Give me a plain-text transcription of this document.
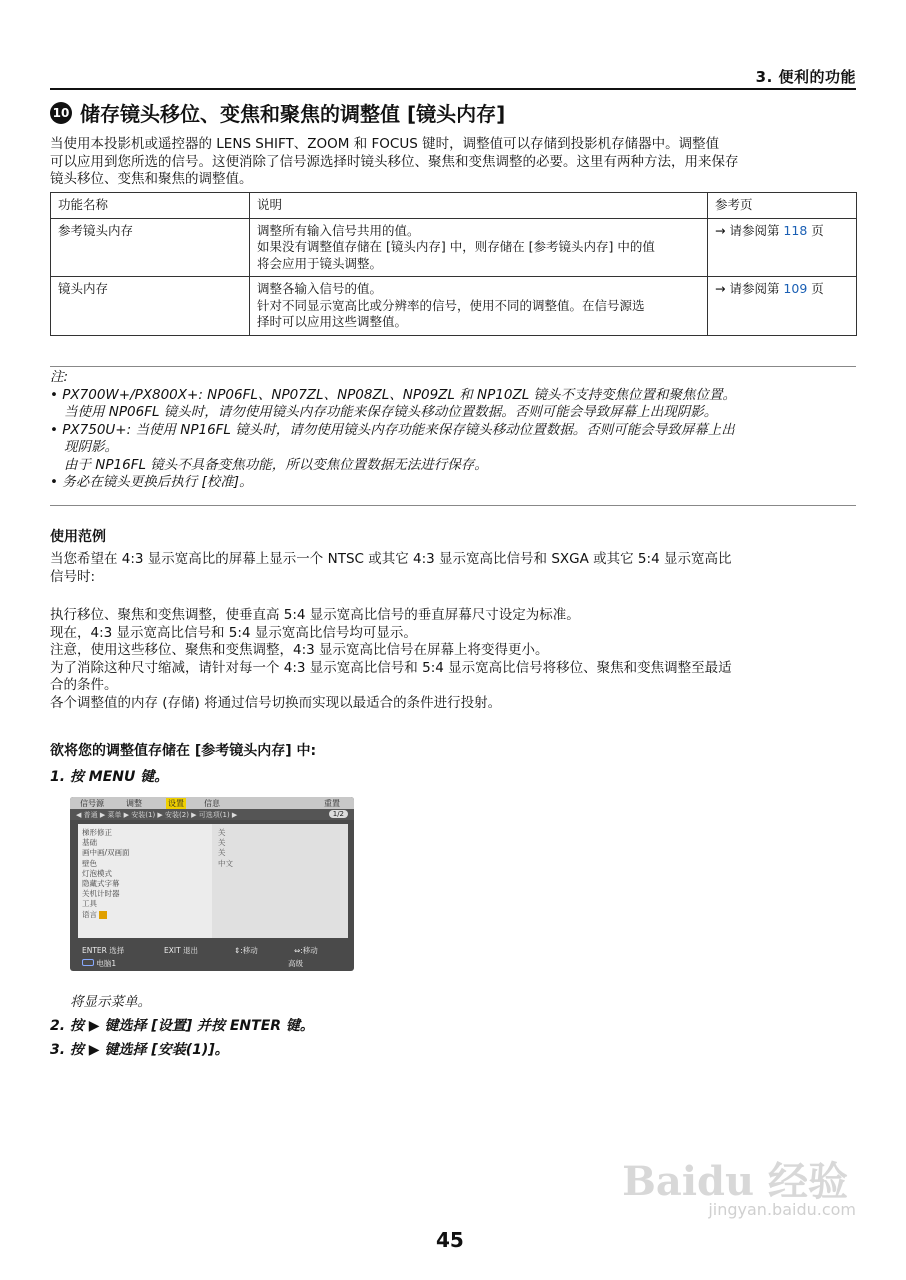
3. 便利的功能
10 储存镜头移位、变焦和聚焦的调整值 [镜头内存]
当使用本投影机或遥控器的 LENS SHIFT、ZOOM 和 FOCUS 键时，调整值可以存储到投影机存储器中。调整值
可以应用到您所选的信号。这便消除了信号源选择时镜头移位、聚焦和变焦调整的必要。这里有两种方法，用来保存
镜头移位、变焦和聚焦的调整值。
功能名称	说明	参考页
参考镜头内存	调整所有输入信号共用的值。
如果没有调整值存储在 [镜头内存] 中，则存储在 [参考镜头内存] 中的值
将会应用于镜头调整。	→ 请参阅第 118 页
镜头内存	调整各输入信号的值。
针对不同显示宽高比或分辨率的信号，使用不同的调整值。在信号源选
择时可以应用这些调整值。	→ 请参阅第 109 页
注:
• PX700W+/PX800X+: NP06FL、NP07ZL、NP08ZL、NP09ZL 和 NP10ZL 镜头不支持变焦位置和聚焦位置。
当使用 NP06FL 镜头时，请勿使用镜头内存功能来保存镜头移动位置数据。否则可能会导致屏幕上出现阴影。
• PX750U+: 当使用 NP16FL 镜头时，请勿使用镜头内存功能来保存镜头移动位置数据。否则可能会导致屏幕上出
现阴影。
由于 NP16FL 镜头不具备变焦功能，所以变焦位置数据无法进行保存。
• 务必在镜头更换后执行 [校准]。
使用范例
当您希望在 4:3 显示宽高比的屏幕上显示一个 NTSC 或其它 4:3 显示宽高比信号和 SXGA 或其它 5:4 显示宽高比
信号时:
执行移位、聚焦和变焦调整，使垂直高 5:4 显示宽高比信号的垂直屏幕尺寸设定为标准。
现在，4:3 显示宽高比信号和 5:4 显示宽高比信号均可显示。
注意，使用这些移位、聚焦和变焦调整，4:3 显示宽高比信号在屏幕上将变得更小。
为了消除这种尺寸缩减，请针对每一个 4:3 显示宽高比信号和 5:4 显示宽高比信号将移位、聚焦和变焦调整至最适
合的条件。
各个调整值的内存 (存储) 将通过信号切换而实现以最适合的条件进行投射。
欲将您的调整值存储在 [参考镜头内存] 中:
1. 按 MENU 键。
信号源	调整	设置	信息	重置
◀ 普通 ▶ 菜单 ▶ 安装(1) ▶ 安装(2) ▶ 可选项(1) ▶	1/2
梯形修正
基础
画中画/双画面
壁色
灯泡模式
隐藏式字幕
关机计时器
工具
语言
关
关
关
中文
ENTER 选择	EXIT 退出	⇕:移动	⇔:移动
电脑1	高级
将显示菜单。
2. 按 ▶ 键选择 [设置] 并按 ENTER 键。
3. 按 ▶ 键选择 [安装(1)]。
Baidu 经验
jingyan.baidu.com
45
